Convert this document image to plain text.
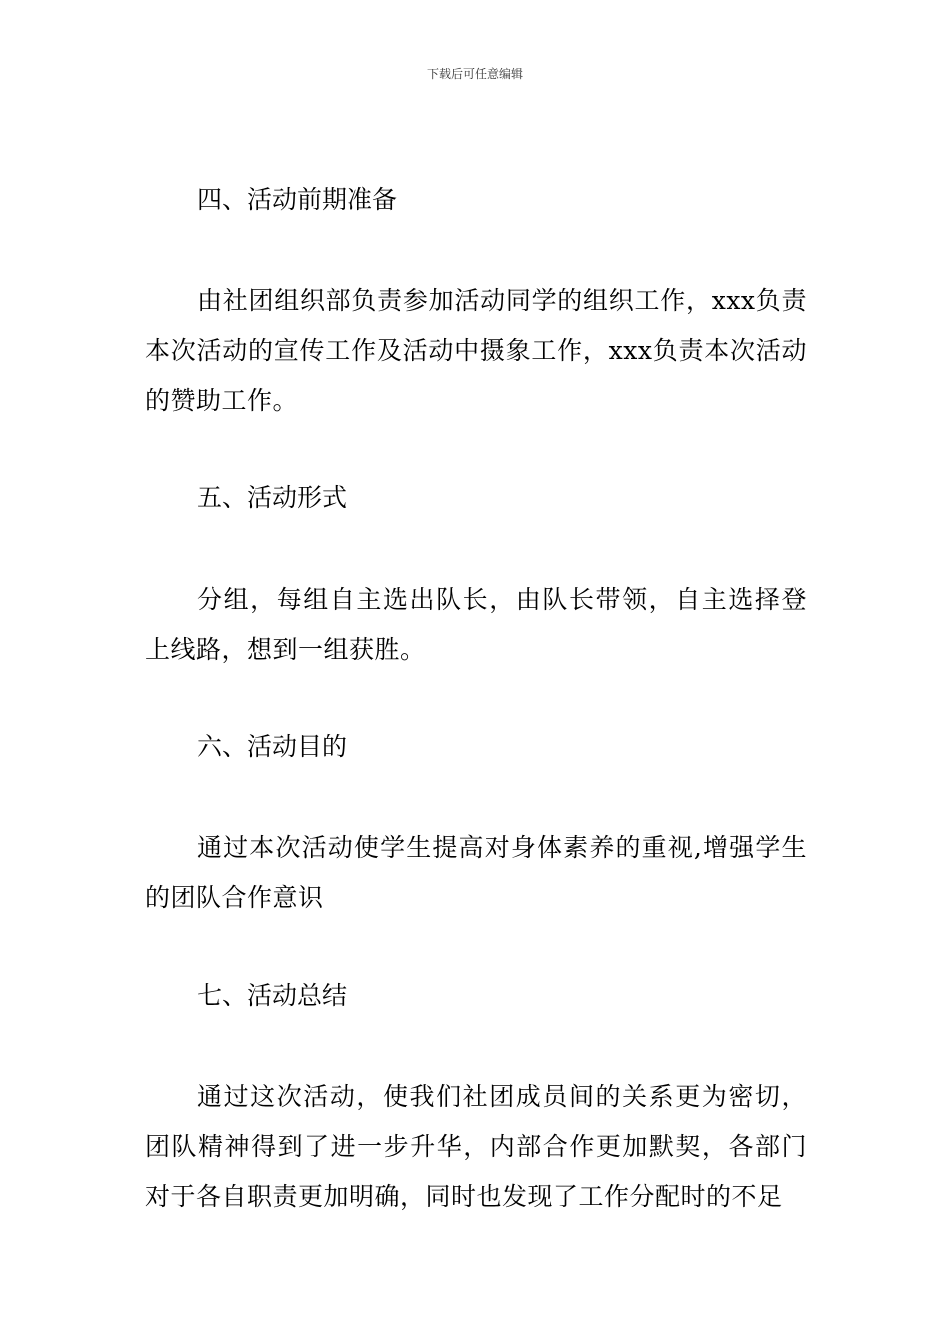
下载后可任意编辑
四、活动前期准备
由社团组织部负责参加活动同学的组织工作，xxx负责本次活动的宣传工作及活动中摄象工作，xxx负责本次活动的赞助工作。
五、活动形式
分组，每组自主选出队长，由队长带领，自主选择登上线路，想到一组获胜。
六、活动目的
通过本次活动使学生提高对身体素养的重视,增强学生的团队合作意识
七、活动总结
通过这次活动，使我们社团成员间的关系更为密切，团队精神得到了进一步升华，内部合作更加默契，各部门对于各自职责更加明确，同时也发现了工作分配时的不足
